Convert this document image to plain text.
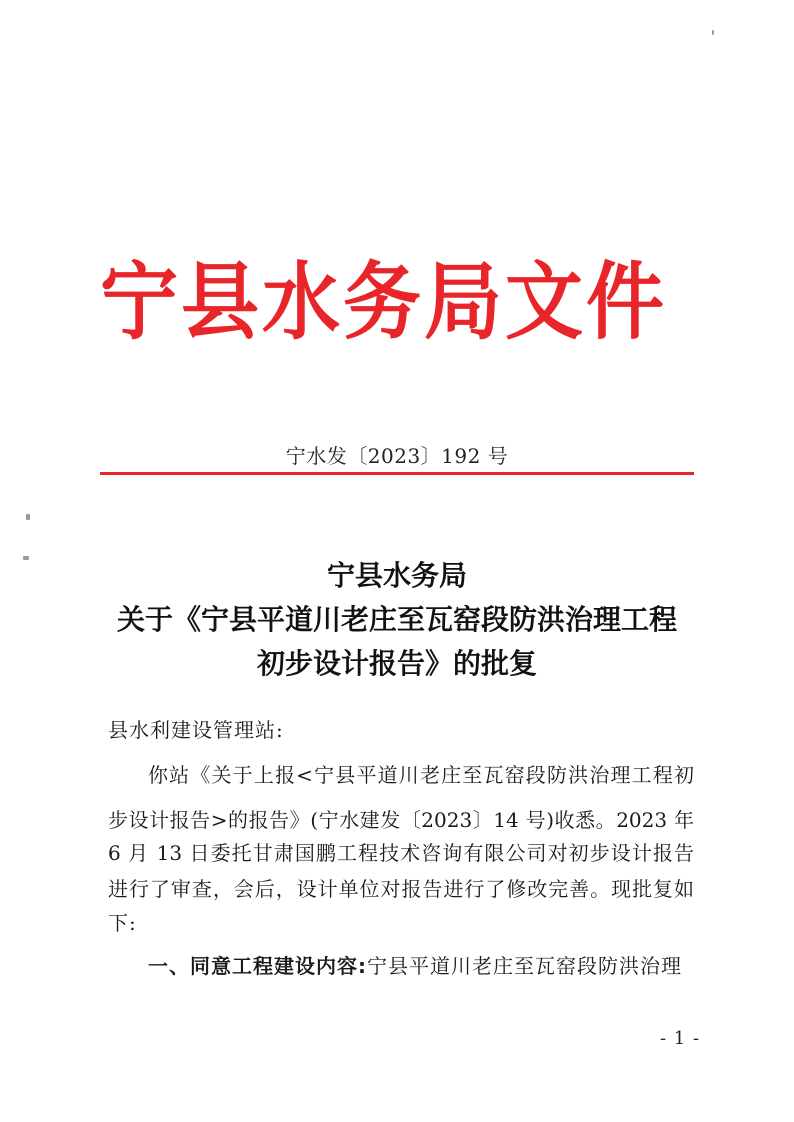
宁县水务局文件
宁水发〔2023〕192 号
宁县水务局
关于《宁县平道川老庄至瓦窑段防洪治理工程
初步设计报告》的批复
县水利建设管理站:
你站《关于上报<宁县平道川老庄至瓦窑段防洪治理工程初
步设计报告>的报告》(宁水建发〔2023〕14 号)收悉。2023 年
6 月 13 日委托甘肃国鹏工程技术咨询有限公司对初步设计报告
进行了审查，会后，设计单位对报告进行了修改完善。现批复如
下:
一、同意工程建设内容:宁县平道川老庄至瓦窑段防洪治理
- 1 -
